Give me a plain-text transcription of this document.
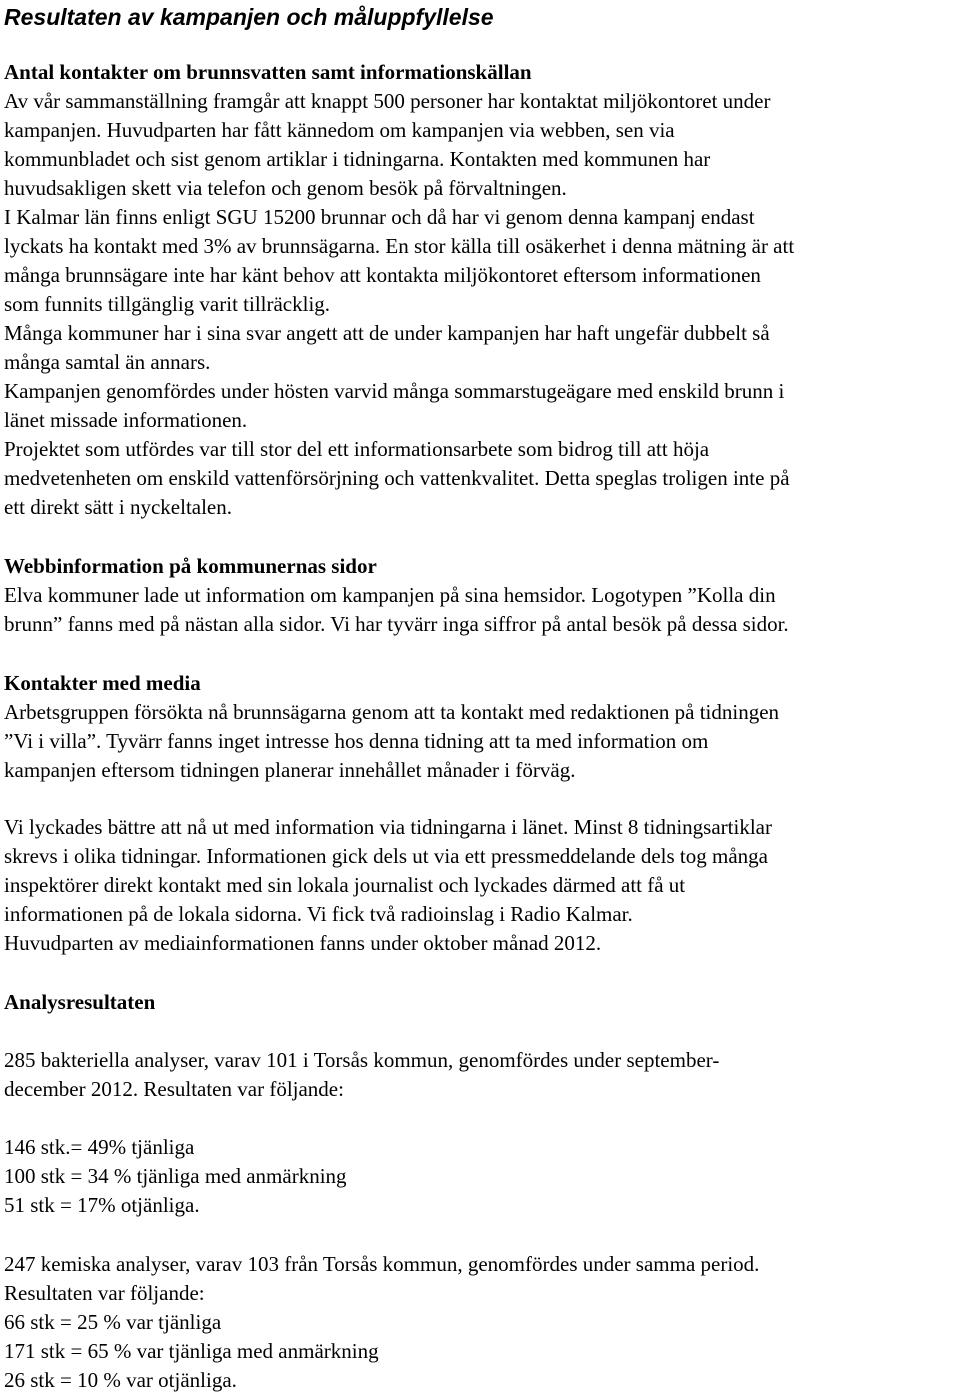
Resultaten av kampanjen och måluppfyllelse
Antal kontakter om brunnsvatten samt informationskällan
Av vår sammanställning framgår att knappt 500 personer har kontaktat miljökontoret under
kampanjen. Huvudparten har fått kännedom om kampanjen via webben, sen via
kommunbladet och sist genom artiklar i tidningarna. Kontakten med kommunen har
huvudsakligen skett via telefon och genom besök på förvaltningen.
I Kalmar län finns enligt SGU 15200 brunnar och då har vi genom denna kampanj endast
lyckats ha kontakt med 3% av brunnsägarna. En stor källa till osäkerhet i denna mätning är att
många brunnsägare inte har känt behov att kontakta miljökontoret eftersom informationen
som funnits tillgänglig varit tillräcklig.
Många kommuner har i sina svar angett att de under kampanjen har haft ungefär dubbelt så
många samtal än annars.
Kampanjen genomfördes under hösten varvid många sommarstugeägare med enskild brunn i
länet missade informationen.
Projektet som utfördes var till stor del ett informationsarbete som bidrog till att höja
medvetenheten om enskild vattenförsörjning och vattenkvalitet. Detta speglas troligen inte på
ett direkt sätt i nyckeltalen.
Webbinformation på kommunernas sidor
Elva kommuner lade ut information om kampanjen på sina hemsidor. Logotypen ”Kolla din
brunn” fanns med på nästan alla sidor. Vi har tyvärr inga siffror på antal besök på dessa sidor.
Kontakter med media
Arbetsgruppen försökta nå brunnsägarna genom att ta kontakt med redaktionen på tidningen
”Vi i villa”. Tyvärr fanns inget intresse hos denna tidning att ta med information om
kampanjen eftersom tidningen planerar innehållet månader i förväg.
Vi lyckades bättre att nå ut med information via tidningarna i länet. Minst 8 tidningsartiklar
skrevs i olika tidningar. Informationen gick dels ut via ett pressmeddelande dels tog många
inspektörer direkt kontakt med sin lokala journalist och lyckades därmed att få ut
informationen på de lokala sidorna. Vi fick två radioinslag i Radio Kalmar.
Huvudparten av mediainformationen fanns under oktober månad 2012.
Analysresultaten
285 bakteriella analyser, varav 101 i Torsås kommun, genomfördes under september-
december 2012. Resultaten var följande:
146 stk.= 49% tjänliga
100 stk = 34 % tjänliga med anmärkning
51 stk = 17% otjänliga.
247 kemiska analyser, varav 103 från Torsås kommun, genomfördes under samma period.
Resultaten var följande:
66 stk = 25 % var tjänliga
171 stk = 65 % var tjänliga med anmärkning
26 stk = 10 % var otjänliga.
